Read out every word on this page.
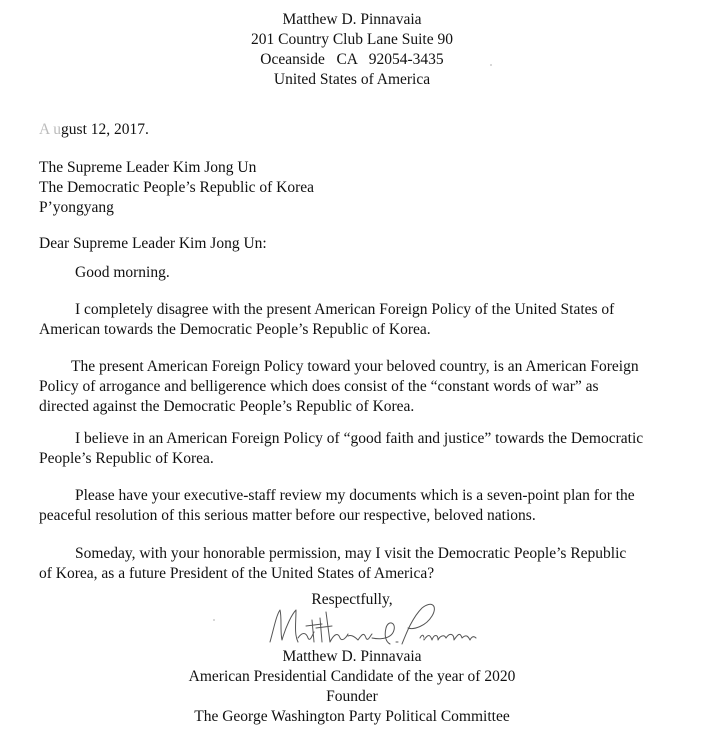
Matthew D. Pinnavaia
201 Country Club Lane Suite 90
Oceanside   CA   92054-3435
United States of America
A ugust 12, 2017.
The Supreme Leader Kim Jong Un
The Democratic People’s Republic of Korea
P’yongyang
Dear Supreme Leader Kim Jong Un:
Good morning.
I completely disagree with the present American Foreign Policy of the United States of
American towards the Democratic People’s Republic of Korea.
The present American Foreign Policy toward your beloved country, is an American Foreign
Policy of arrogance and belligerence which does consist of the “constant words of war” as
directed against the Democratic People’s Republic of Korea.
I believe in an American Foreign Policy of “good faith and justice” towards the Democratic
People’s Republic of Korea.
Please have your executive-staff review my documents which is a seven-point plan for the
peaceful resolution of this serious matter before our respective, beloved nations.
Someday, with your honorable permission, may I visit the Democratic People’s Republic
of Korea, as a future President of the United States of America?
Respectfully,
Matthew D. Pinnavaia
American Presidential Candidate of the year of 2020
Founder
The George Washington Party Political Committee
